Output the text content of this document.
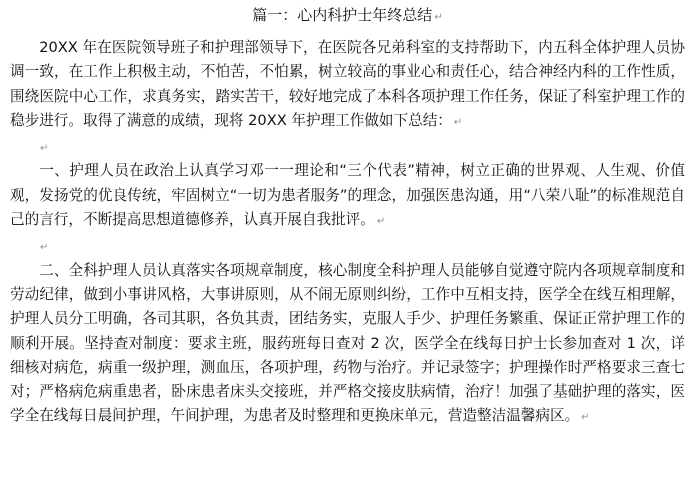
篇一：心内科护士年终总结 ↵

20XX 年在医院领导班子和护理部领导下，在医院各兄弟科室的支持帮助下，内五科全体护理人员协调一致，在工作上积极主动，不怕苦，不怕累，树立较高的事业心和责任心，结合神经内科的工作性质，围绕医院中心工作，求真务实，踏实苦干，较好地完成了本科各项护理工作任务，保证了科室护理工作的稳步进行。取得了满意的成绩，现将 20XX 年护理工作做如下总结： ↵

↵

一、护理人员在政治上认真学习邓一一理论和“三个代表”精神，树立正确的世界观、人生观、价值观，发扬党的优良传统，牢固树立“一切为患者服务”的理念，加强医患沟通，用“八荣八耻”的标准规范自己的言行，不断提高思想道德修养，认真开展自我批评。 ↵

↵

二、全科护理人员认真落实各项规章制度，核心制度全科护理人员能够自觉遵守院内各项规章制度和劳动纪律，做到小事讲风格，大事讲原则，从不闹无原则纠纷，工作中互相支持，医学全在线互相理解，护理人员分工明确，各司其职，各负其责，团结务实，克服人手少、护理任务繁重、保证正常护理工作的顺利开展。坚持查对制度：要求主班，服药班每日查对 2 次，医学全在线每日护士长参加查对 1 次，详细核对病危，病重一级护理，测血压，各项护理，药物与治疗。并记录签字；护理操作时严格要求三查七对；严格病危病重患者，卧床患者床头交接班，并严格交接皮肤病情，治疗！加强了基础护理的落实，医学全在线每日晨间护理，午间护理，为患者及时整理和更换床单元，营造整洁温馨病区。 ↵
